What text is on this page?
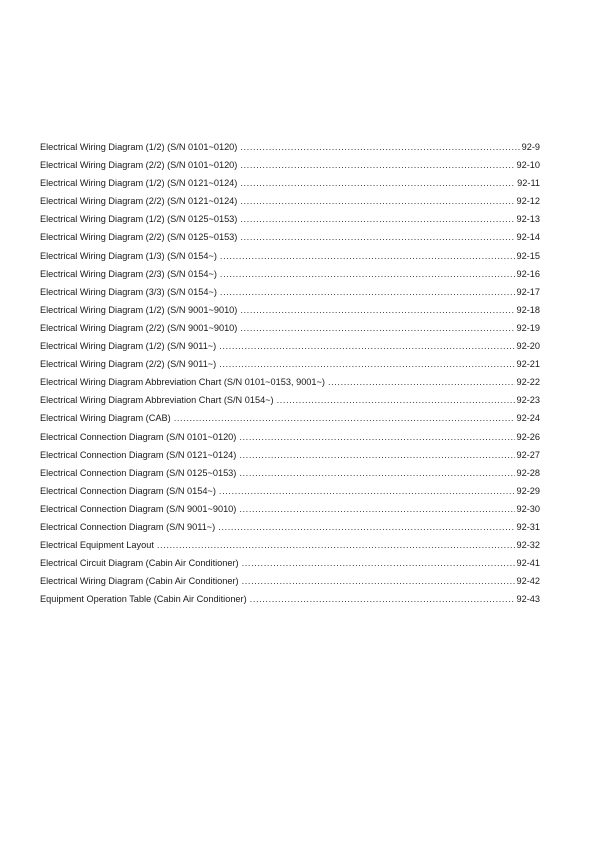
Electrical Wiring Diagram (1/2) (S/N 0101~0120) .....	92-9
Electrical Wiring Diagram (2/2) (S/N 0101~0120) .....	92-10
Electrical Wiring Diagram (1/2) (S/N 0121~0124) .....	92-11
Electrical Wiring Diagram (2/2) (S/N 0121~0124) .....	92-12
Electrical Wiring Diagram (1/2) (S/N 0125~0153) .....	92-13
Electrical Wiring Diagram (2/2) (S/N 0125~0153) .....	92-14
Electrical Wiring Diagram (1/3) (S/N 0154~) .....	92-15
Electrical Wiring Diagram (2/3) (S/N 0154~) .....	92-16
Electrical Wiring Diagram (3/3) (S/N 0154~) .....	92-17
Electrical Wiring Diagram (1/2) (S/N 9001~9010) .....	92-18
Electrical Wiring Diagram (2/2) (S/N 9001~9010) .....	92-19
Electrical Wiring Diagram (1/2) (S/N 9011~) .....	92-20
Electrical Wiring Diagram (2/2) (S/N 9011~) .....	92-21
Electrical Wiring Diagram Abbreviation Chart (S/N 0101~0153, 9001~) .....	92-22
Electrical Wiring Diagram Abbreviation Chart (S/N 0154~) .....	92-23
Electrical Wiring Diagram (CAB) .....	92-24
Electrical Connection Diagram (S/N 0101~0120) .....	92-26
Electrical Connection Diagram (S/N 0121~0124) .....	92-27
Electrical Connection Diagram (S/N 0125~0153) .....	92-28
Electrical Connection Diagram (S/N 0154~) .....	92-29
Electrical Connection Diagram (S/N 9001~9010) .....	92-30
Electrical Connection Diagram (S/N 9011~) .....	92-31
Electrical Equipment Layout .....	92-32
Electrical Circuit Diagram (Cabin Air Conditioner) .....	92-41
Electrical Wiring Diagram (Cabin Air Conditioner) .....	92-42
Equipment Operation Table (Cabin Air Conditioner) .....	92-43
